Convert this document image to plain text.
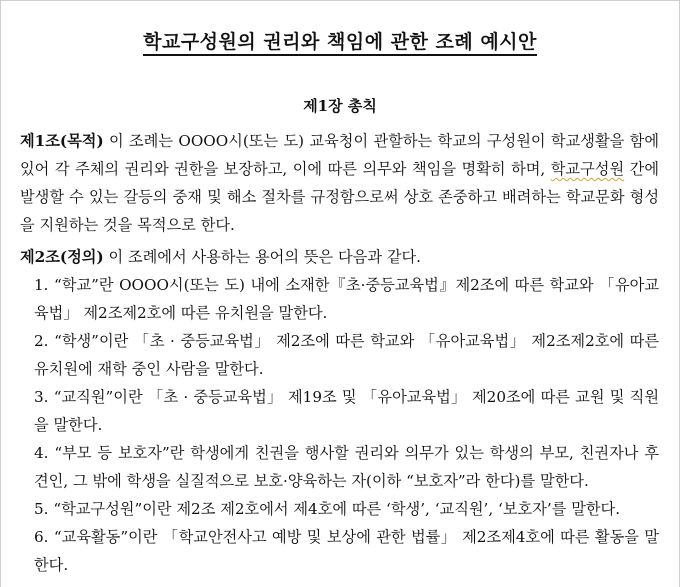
학교구성원의 권리와 책임에 관한 조례 예시안
제1장 총칙

제1조(목적) 이 조례는 OOOO시(또는 도) 교육청이 관할하는 학교의 구성원이 학교생활을 함에 있어 각 주체의 권리와 권한을 보장하고, 이에 따른 의무와 책임을 명확히 하며, 학교구성원 간에 발생할 수 있는 갈등의 중재 및 해소 절차를 규정함으로써 상호 존중하고 배려하는 학교문화 형성을 지원하는 것을 목적으로 한다.

제2조(정의) 이 조례에서 사용하는 용어의 뜻은 다음과 같다.

1. “학교”란 OOOO시(또는 도) 내에 소재한『초·중등교육법』제2조에 따른 학교와 「유아교육법」 제2조제2호에 따른 유치원을 말한다.
2. “학생”이란 「초 · 중등교육법」 제2조에 따른 학교와 「유아교육법」 제2조제2호에 따른 유치원에 재학 중인 사람을 말한다.
3. “교직원”이란 「초 · 중등교육법」 제19조 및 「유아교육법」 제20조에 따른 교원 및 직원을 말한다.
4. “부모 등 보호자”란 학생에게 친권을 행사할 권리와 의무가 있는 학생의 부모, 친권자나 후견인, 그 밖에 학생을 실질적으로 보호·양육하는 자(이하 “보호자”라 한다)를 말한다.
5. “학교구성원”이란 제2조 제2호에서 제4호에 따른 ‘학생’, ‘교직원’, ‘보호자’를 말한다.
6. “교육활동”이란 「학교안전사고 예방 및 보상에 관한 법률」 제2조제4호에 따른 활동을 말한다.
